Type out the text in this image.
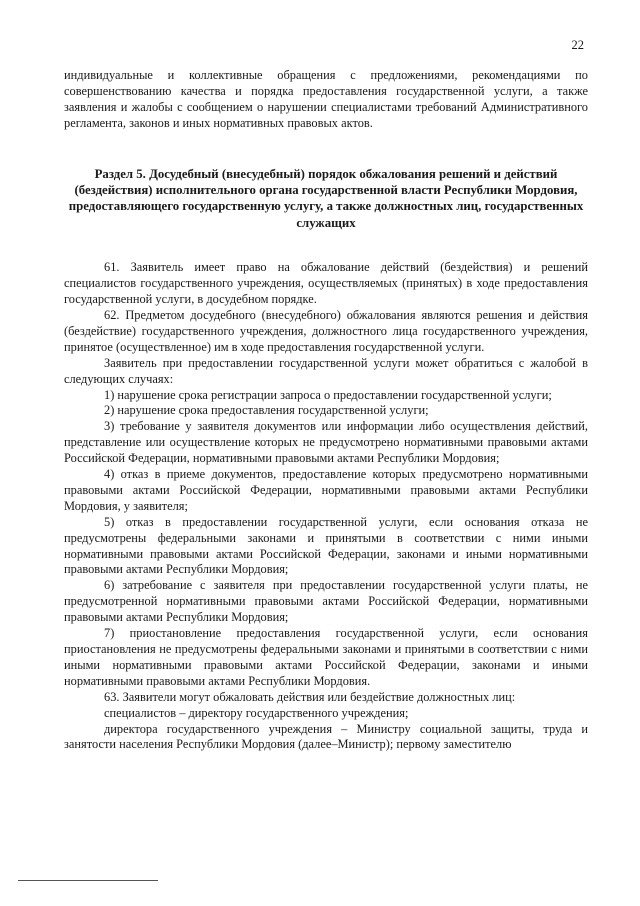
22

индивидуальные и коллективные обращения с предложениями, рекомендациями по совершенствованию качества и порядка предоставления государственной услуги, а также заявления и жалобы с сообщением о нарушении специалистами требований Административного регламента, законов и иных нормативных правовых актов.

Раздел 5. Досудебный (внесудебный) порядок обжалования решений и действий (бездействия) исполнительного органа государственной власти Республики Мордовия, предоставляющего государственную услугу, а также должностных лиц, государственных служащих

61. Заявитель имеет право на обжалование действий (бездействия) и решений специалистов государственного учреждения, осуществляемых (принятых) в ходе предоставления государственной услуги, в досудебном порядке.

62. Предметом досудебного (внесудебного) обжалования являются решения и действия (бездействие) государственного учреждения, должностного лица государственного учреждения, принятое (осуществленное) им в ходе предоставления государственной услуги.

Заявитель при предоставлении государственной услуги может обратиться с жалобой в следующих случаях:

1) нарушение срока регистрации запроса о предоставлении государственной услуги;

2) нарушение срока предоставления государственной услуги;

3) требование у заявителя документов или информации либо осуществления действий, представление или осуществление которых не предусмотрено нормативными правовыми актами Российской Федерации, нормативными правовыми актами Республики Мордовия;

4) отказ в приеме документов, предоставление которых предусмотрено нормативными правовыми актами Российской Федерации, нормативными правовыми актами Республики Мордовия, у заявителя;

5) отказ в предоставлении государственной услуги, если основания отказа не предусмотрены федеральными законами и принятыми в соответствии с ними иными нормативными правовыми актами Российской Федерации, законами и иными нормативными правовыми актами Республики Мордовия;

6) затребование с заявителя при предоставлении государственной услуги платы, не предусмотренной нормативными правовыми актами Российской Федерации, нормативными правовыми актами Республики Мордовия;

7) приостановление предоставления государственной услуги, если основания приостановления не предусмотрены федеральными законами и принятыми в соответствии с ними иными нормативными правовыми актами Российской Федерации, законами и иными нормативными правовыми актами Республики Мордовия.

63. Заявители могут обжаловать действия или бездействие должностных лиц:

специалистов – директору государственного учреждения;

директора государственного учреждения – Министру социальной защиты, труда и занятости населения Республики Мордовия (далее–Министр); первому заместителю
